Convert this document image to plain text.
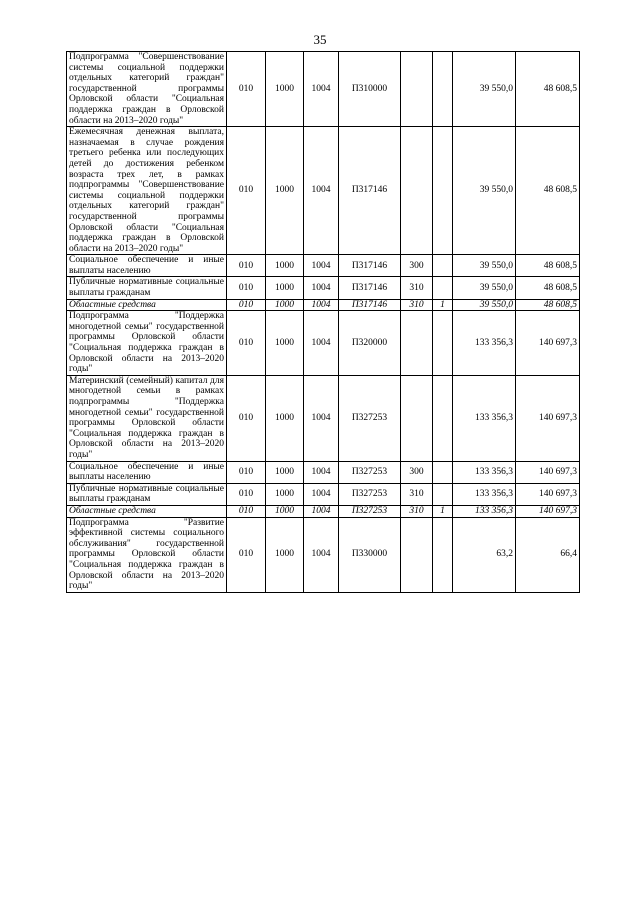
35
Подпрограмма "Совершенствование системы социальной поддержки отдельных категорий граждан" государственной программы Орловской области "Социальная поддержка граждан в Орловской области на 2013–2020 годы"	010	1000	1004	П310000			39 550,0	48 608,5
Ежемесячная денежная выплата, назначаемая в случае рождения третьего ребенка или последующих детей до достижения ребенком возраста трех лет, в рамках подпрограммы "Совершенствование системы социальной поддержки отдельных категорий граждан" государственной программы Орловской области "Социальная поддержка граждан в Орловской области на 2013–2020 годы"	010	1000	1004	П317146			39 550,0	48 608,5
Социальное обеспечение и иные выплаты населению	010	1000	1004	П317146	300		39 550,0	48 608,5
Публичные нормативные социальные выплаты гражданам	010	1000	1004	П317146	310		39 550,0	48 608,5
Областные средства	010	1000	1004	П317146	310	1	39 550,0	48 608,5
Подпрограмма "Поддержка многодетной семьи" государственной программы Орловской области "Социальная поддержка граждан в Орловской области на 2013–2020 годы"	010	1000	1004	П320000			133 356,3	140 697,3
Материнский (семейный) капитал для многодетной семьи в рамках подпрограммы "Поддержка многодетной семьи" государственной программы Орловской области "Социальная поддержка граждан в Орловской области на 2013–2020 годы"	010	1000	1004	П327253			133 356,3	140 697,3
Социальное обеспечение и иные выплаты населению	010	1000	1004	П327253	300		133 356,3	140 697,3
Публичные нормативные социальные выплаты гражданам	010	1000	1004	П327253	310		133 356,3	140 697,3
Областные средства	010	1000	1004	П327253	310	1	133 356,3	140 697,3
Подпрограмма "Развитие эффективной системы социального обслуживания" государственной программы Орловской области "Социальная поддержка граждан в Орловской области на 2013–2020 годы"	010	1000	1004	П330000			63,2	66,4
